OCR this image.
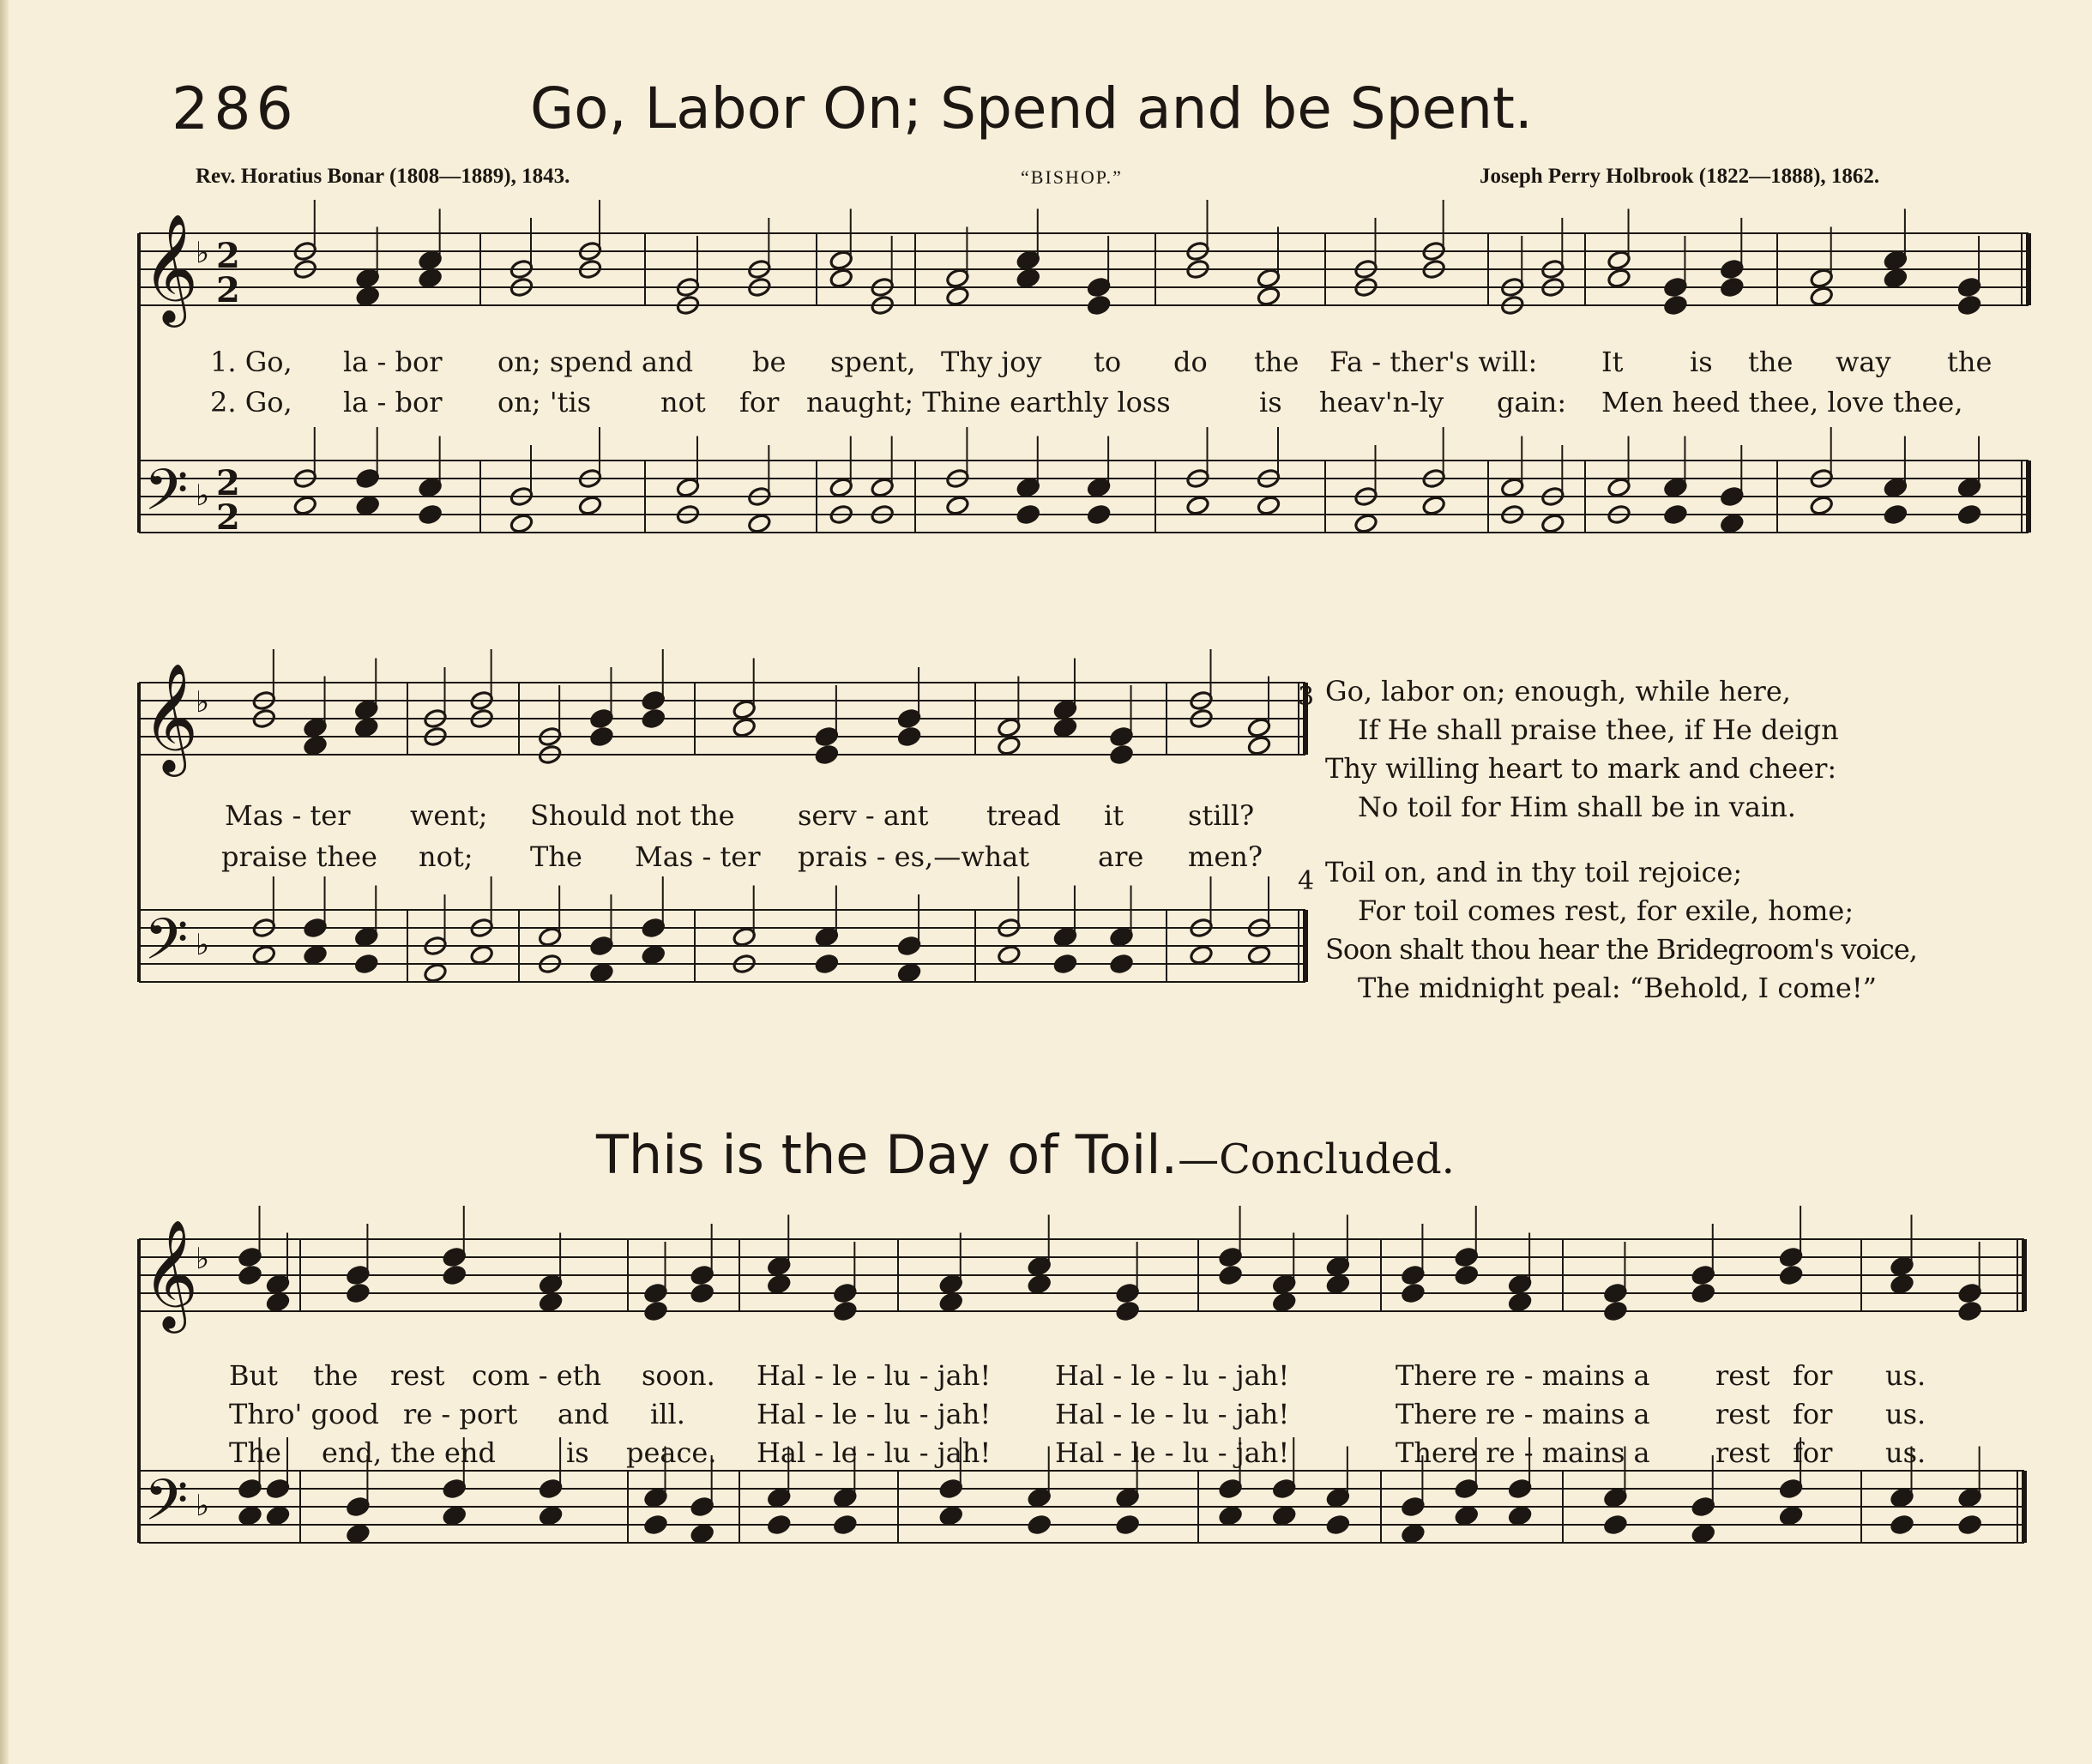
𝄞
𝄢
♭
♭
2
2
2
2
𝄞
𝄢
♭
♭
𝄞
𝄢
♭
♭
286	Go, Labor On; Spend and be Spent.
Rev. Horatius Bonar (1808—1889), 1843.	“BISHOP.”	Joseph Perry Holbrook (1822—1888), 1862.
1. Go, la - bor on; spend and be spent, Thy joy to do the Fa - ther's will: It is the way the
2. Go, la - bor on; 'tis	not for naught; Thine earthly loss	is heav'n-ly gain: Men heed thee, love thee,
Mas - ter went; Should not the serv - ant tread it still?
praise thee not; The Mas - ter prais - es,—what are men?
3 Go, labor on; enough, while here,
If He shall praise thee, if He deign
Thy willing heart to mark and cheer:
No toil for Him shall be in vain.
4 Toil on, and in thy toil rejoice;
For toil comes rest, for exile, home;
Soon shalt thou hear the Bridegroom's voice,
The midnight peal: “Behold, I come!”
This is the Day of Toil.—Concluded.
But the rest com - eth soon. Hal - le - lu - jah! Hal - le - lu - jah!	There re - mains a rest for us.
Thro' good re - port and ill.	Hal - le - lu - jah! Hal - le - lu - jah!	There re - mains a rest for us.
The end, the end	is peace. Hal - le - lu - jah! Hal - le - lu - jah!	There re - mains a rest for us.
